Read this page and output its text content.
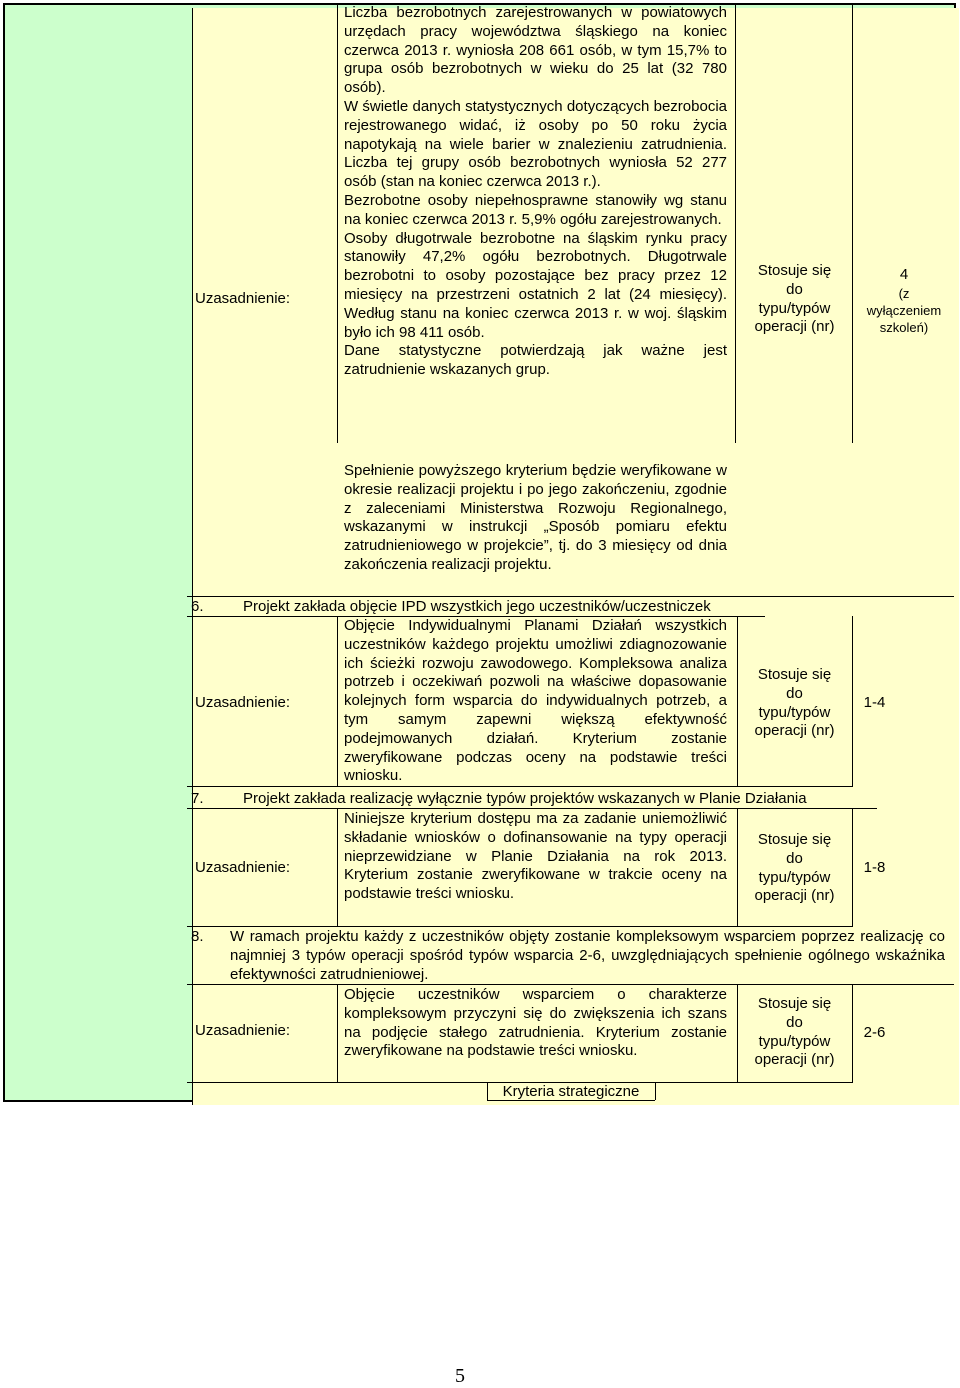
Uzasadnienie:

Liczba bezrobotnych zarejestrowanych w powiatowych urzędach pracy województwa śląskiego na koniec czerwca 2013 r. wyniosła 208 661 osób, w tym 15,7% to grupa osób bezrobotnych w wieku do 25 lat (32 780 osób).

W świetle danych statystycznych dotyczących bezrobocia rejestrowanego widać, iż osoby po 50 roku życia napotykają na wiele barier w znalezieniu zatrudnienia. Liczba tej grupy osób bezrobotnych wyniosła 52 277 osób (stan na koniec czerwca 2013 r.).

Bezrobotne osoby niepełnosprawne stanowiły wg stanu na koniec czerwca 2013 r. 5,9% ogółu zarejestrowanych.

Osoby długotrwale bezrobotne na śląskim rynku pracy stanowiły 47,2% ogółu bezrobotnych. Długotrwale bezrobotni to osoby pozostające bez pracy przez 12 miesięcy na przestrzeni ostatnich 2 lat (24 miesięcy). Według stanu na koniec czerwca 2013 r. w woj. śląskim było ich 98 411 osób.

Dane statystyczne potwierdzają jak ważne jest zatrudnienie wskazanych grup.

Stosuje się
do
typu/typów
operacji (nr)
4
(z
wyłączeniem
szkoleń)

Spełnienie powyższego kryterium będzie weryfikowane w okresie realizacji projektu i po jego zakończeniu, zgodnie z zaleceniami Ministerstwa Rozwoju Regionalnego, wskazanymi w instrukcji „Sposób pomiaru efektu zatrudnieniowego w projekcie”, tj. do 3 miesięcy od dnia zakończenia realizacji projektu.

6.	Projekt zakłada objęcie IPD wszystkich jego uczestników/uczestniczek
Uzasadnienie:

Objęcie Indywidualnymi Planami Działań wszystkich uczestników każdego projektu umożliwi zdiagnozowanie ich ścieżki rozwoju zawodowego. Kompleksowa analiza potrzeb i oczekiwań pozwoli na właściwe dopasowanie kolejnych form wsparcia do indywidualnych potrzeb, a tym samym zapewni większą efektywność podejmowanych działań. Kryterium zostanie zweryfikowane podczas oceny na podstawie treści wniosku.

Stosuje się
do
typu/typów
operacji (nr)
1-4
7.	Projekt zakłada realizację wyłącznie typów projektów wskazanych w Planie Działania
Uzasadnienie:

Niniejsze kryterium dostępu ma za zadanie uniemożliwić składanie wniosków o dofinansowanie na typy operacji nieprzewidziane w Planie Działania na rok 2013. Kryterium zostanie zweryfikowane w trakcie oceny na podstawie treści wniosku.

Stosuje się
do
typu/typów
operacji (nr)
1-8
8. W ramach projektu każdy z uczestników objęty zostanie kompleksowym wsparciem poprzez realizację co najmniej 3 typów operacji spośród typów wsparcia 2-6, uwzględniających spełnienie ogólnego wskaźnika efektywności zatrudnieniowej.

Uzasadnienie:

Objęcie uczestników wsparciem o charakterze kompleksowym przyczyni się do zwiększenia ich szans na podjęcie stałego zatrudnienia. Kryterium zostanie zweryfikowane na podstawie treści wniosku.

Stosuje się
do
typu/typów
operacji (nr)
2-6
Kryteria strategiczne
5
